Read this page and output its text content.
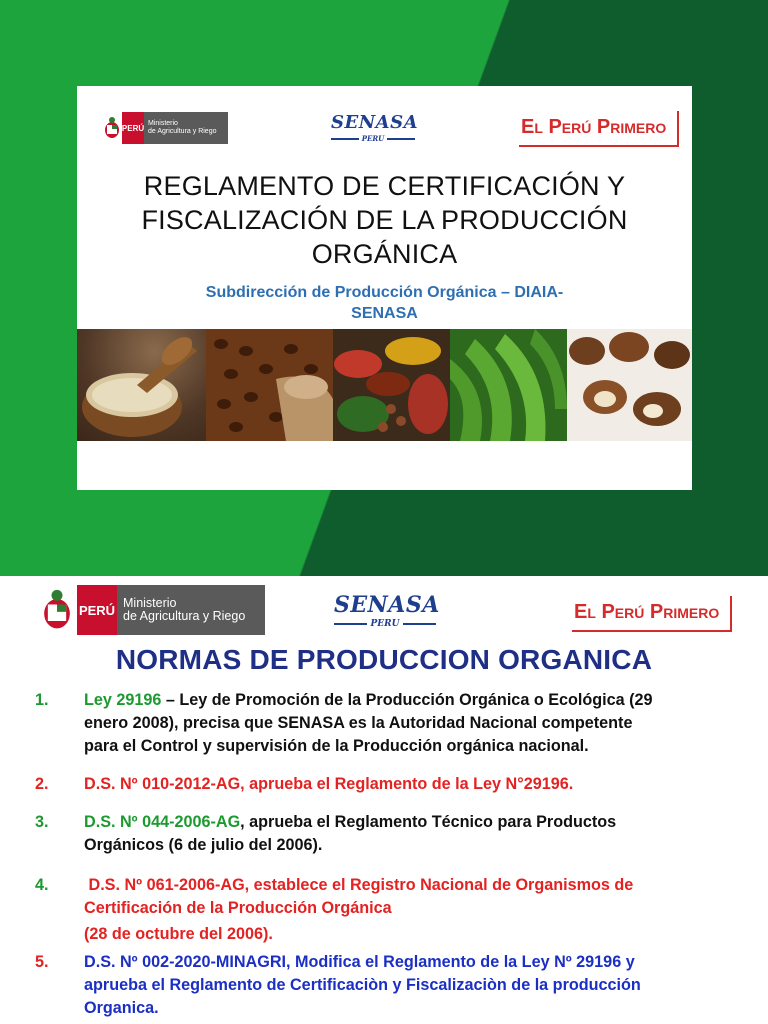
PERÚ Ministerio
de Agricultura y Riego	SENASA
PERU
El Perú Primero
REGLAMENTO DE CERTIFICACIÓN Y
FISCALIZACIÓN DE LA PRODUCCIÓN
ORGÁNICA
Subdirección de Producción Orgánica – DIAIA-
SENASA
PERÚ Ministerio
de Agricultura y Riego	SENASA
PERU
El Perú Primero
NORMAS DE PRODUCCION ORGANICA
1. Ley 29196 – Ley de Promoción de la Producción Orgánica o Ecológica (29
enero 2008), precisa que SENASA es la Autoridad Nacional competente
para el Control y supervisión de la Producción orgánica nacional.
2. D.S. Nº 010-2012-AG, aprueba el Reglamento de la Ley N°29196.
3. D.S. Nº 044-2006-AG, aprueba el Reglamento Técnico para Productos
Orgánicos (6 de julio del 2006).
4. D.S. Nº 061-2006-AG, establece el Registro Nacional de Organismos de
Certificación de la Producción Orgánica
(28 de octubre del 2006).
5. D.S. Nº 002-2020-MINAGRI, Modifica el Reglamento de la Ley Nº 29196 y
aprueba el Reglamento de Certificaciòn y Fiscalizaciòn de la producción
Organica.
